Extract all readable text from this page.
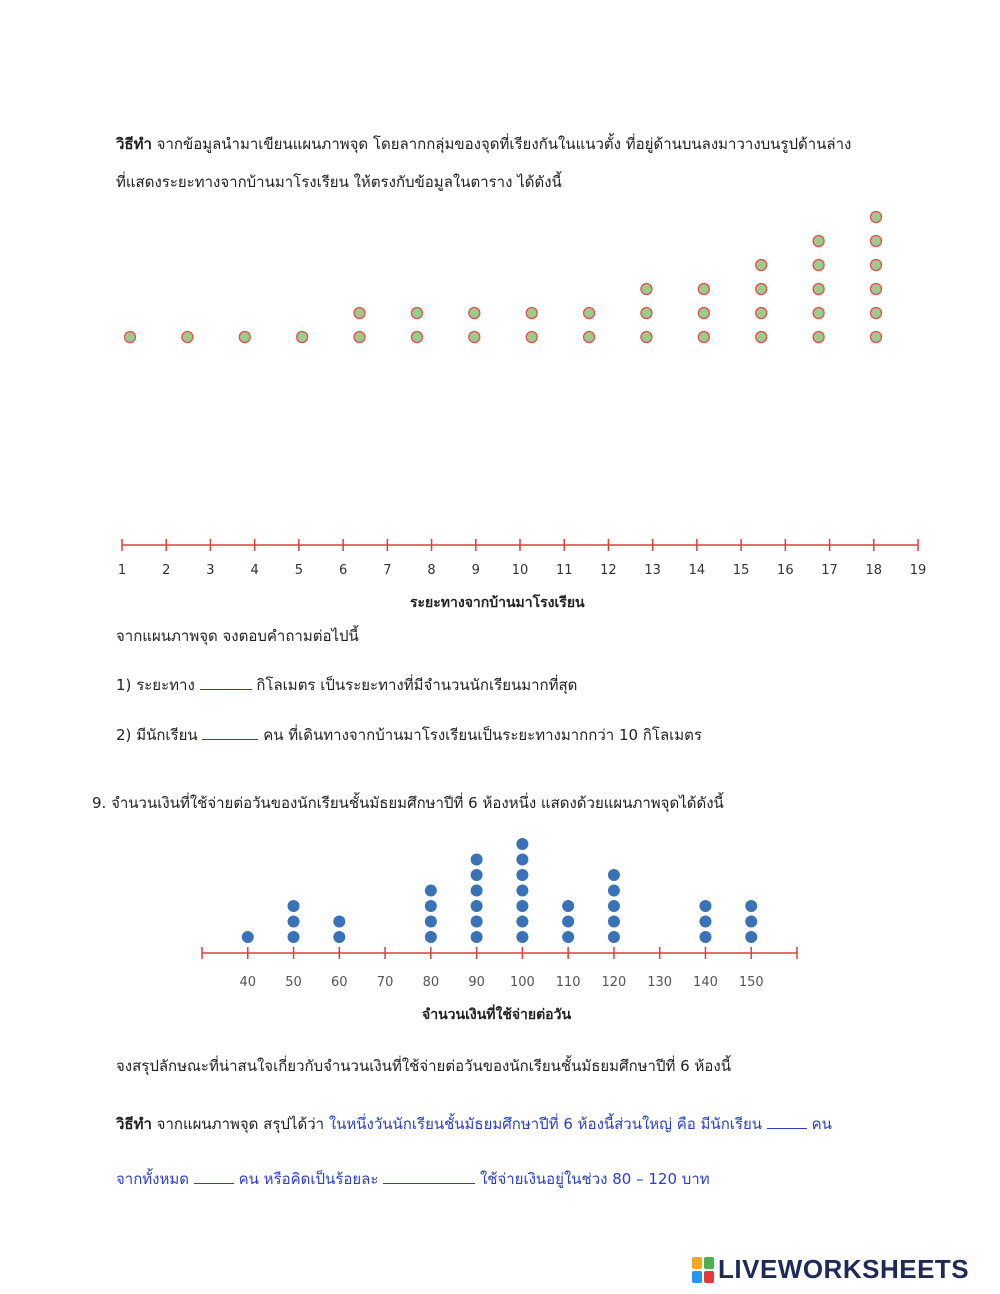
วิธีทำ จากข้อมูลนำมาเขียนแผนภาพจุด โดยลากกลุ่มของจุดที่เรียงกันในแนวตั้ง ที่อยู่ด้านบนลงมาวางบนรูปด้านล่าง
ที่แสดงระยะทางจากบ้านมาโรงเรียน ให้ตรงกับข้อมูลในตาราง ได้ดังนี้
1	2	3	4	5	6	7	8	9 10 11 12 13 14 15 16 17 18 19
40 50 60 70 80 90 100 110 120 130 140 150
ระยะทางจากบ้านมาโรงเรียน
จากแผนภาพจุด จงตอบคำถามต่อไปนี้
1) ระยะทาง	กิโลเมตร เป็นระยะทางที่มีจำนวนนักเรียนมากที่สุด
2) มีนักเรียน	คน ที่เดินทางจากบ้านมาโรงเรียนเป็นระยะทางมากกว่า 10 กิโลเมตร
9. จำนวนเงินที่ใช้จ่ายต่อวันของนักเรียนชั้นมัธยมศึกษาปีที่ 6 ห้องหนึ่ง แสดงด้วยแผนภาพจุดได้ดังนี้
จำนวนเงินที่ใช้จ่ายต่อวัน
จงสรุปลักษณะที่น่าสนใจเกี่ยวกับจำนวนเงินที่ใช้จ่ายต่อวันของนักเรียนชั้นมัธยมศึกษาปีที่ 6 ห้องนี้
วิธีทำ จากแผนภาพจุด สรุปได้ว่า ในหนึ่งวันนักเรียนชั้นมัธยมศึกษาปีที่ 6 ห้องนี้ส่วนใหญ่ คือ มีนักเรียน	คน
จากทั้งหมด	คน หรือคิดเป็นร้อยละ	ใช้จ่ายเงินอยู่ในช่วง 80 – 120 บาท
LIVEWORKSHEETS
